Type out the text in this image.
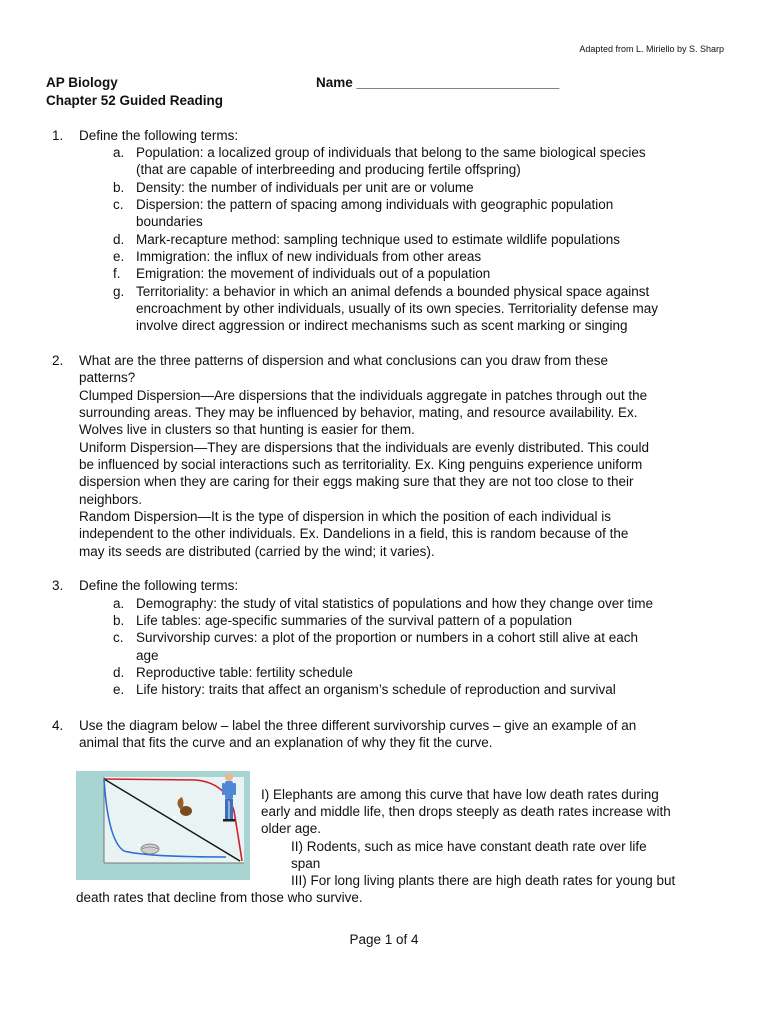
Adapted from L. Miriello by S. Sharp
AP Biology	Name ___________________________
Chapter 52 Guided Reading
1. Define the following terms:
a. Population: a localized group of individuals that belong to the same biological species
(that are capable of interbreeding and producing fertile offspring)
b. Density: the number of individuals per unit are or volume
c. Dispersion: the pattern of spacing among individuals with geographic population
boundaries
d. Mark-recapture method: sampling technique used to estimate wildlife populations
e. Immigration: the influx of new individuals from other areas
f. Emigration: the movement of individuals out of a population
g. Territoriality: a behavior in which an animal defends a bounded physical space against
encroachment by other individuals, usually of its own species. Territoriality defense may
involve direct aggression or indirect mechanisms such as scent marking or singing
2. What are the three patterns of dispersion and what conclusions can you draw from these
patterns?
Clumped Dispersion—Are dispersions that the individuals aggregate in patches through out the
surrounding areas. They may be influenced by behavior, mating, and resource availability. Ex.
Wolves live in clusters so that hunting is easier for them.
Uniform Dispersion—They are dispersions that the individuals are evenly distributed. This could
be influenced by social interactions such as territoriality. Ex. King penguins experience uniform
dispersion when they are caring for their eggs making sure that they are not too close to their
neighbors.
Random Dispersion—It is the type of dispersion in which the position of each individual is
independent to the other individuals. Ex. Dandelions in a field, this is random because of the
may its seeds are distributed (carried by the wind; it varies).
3. Define the following terms:
a. Demography: the study of vital statistics of populations and how they change over time
b. Life tables: age-specific summaries of the survival pattern of a population
c. Survivorship curves: a plot of the proportion or numbers in a cohort still alive at each
age
d. Reproductive table: fertility schedule
e. Life history: traits that affect an organism’s schedule of reproduction and survival
4. Use the diagram below – label the three different survivorship curves – give an example of an
animal that fits the curve and an explanation of why they fit the curve.
I) Elephants are among this curve that have low death rates during
early and middle life, then drops steeply as death rates increase with
older age.
II) Rodents, such as mice have constant death rate over life
span
III) For long living plants there are high death rates for young but
death rates that decline from those who survive.
Page 1 of 4
